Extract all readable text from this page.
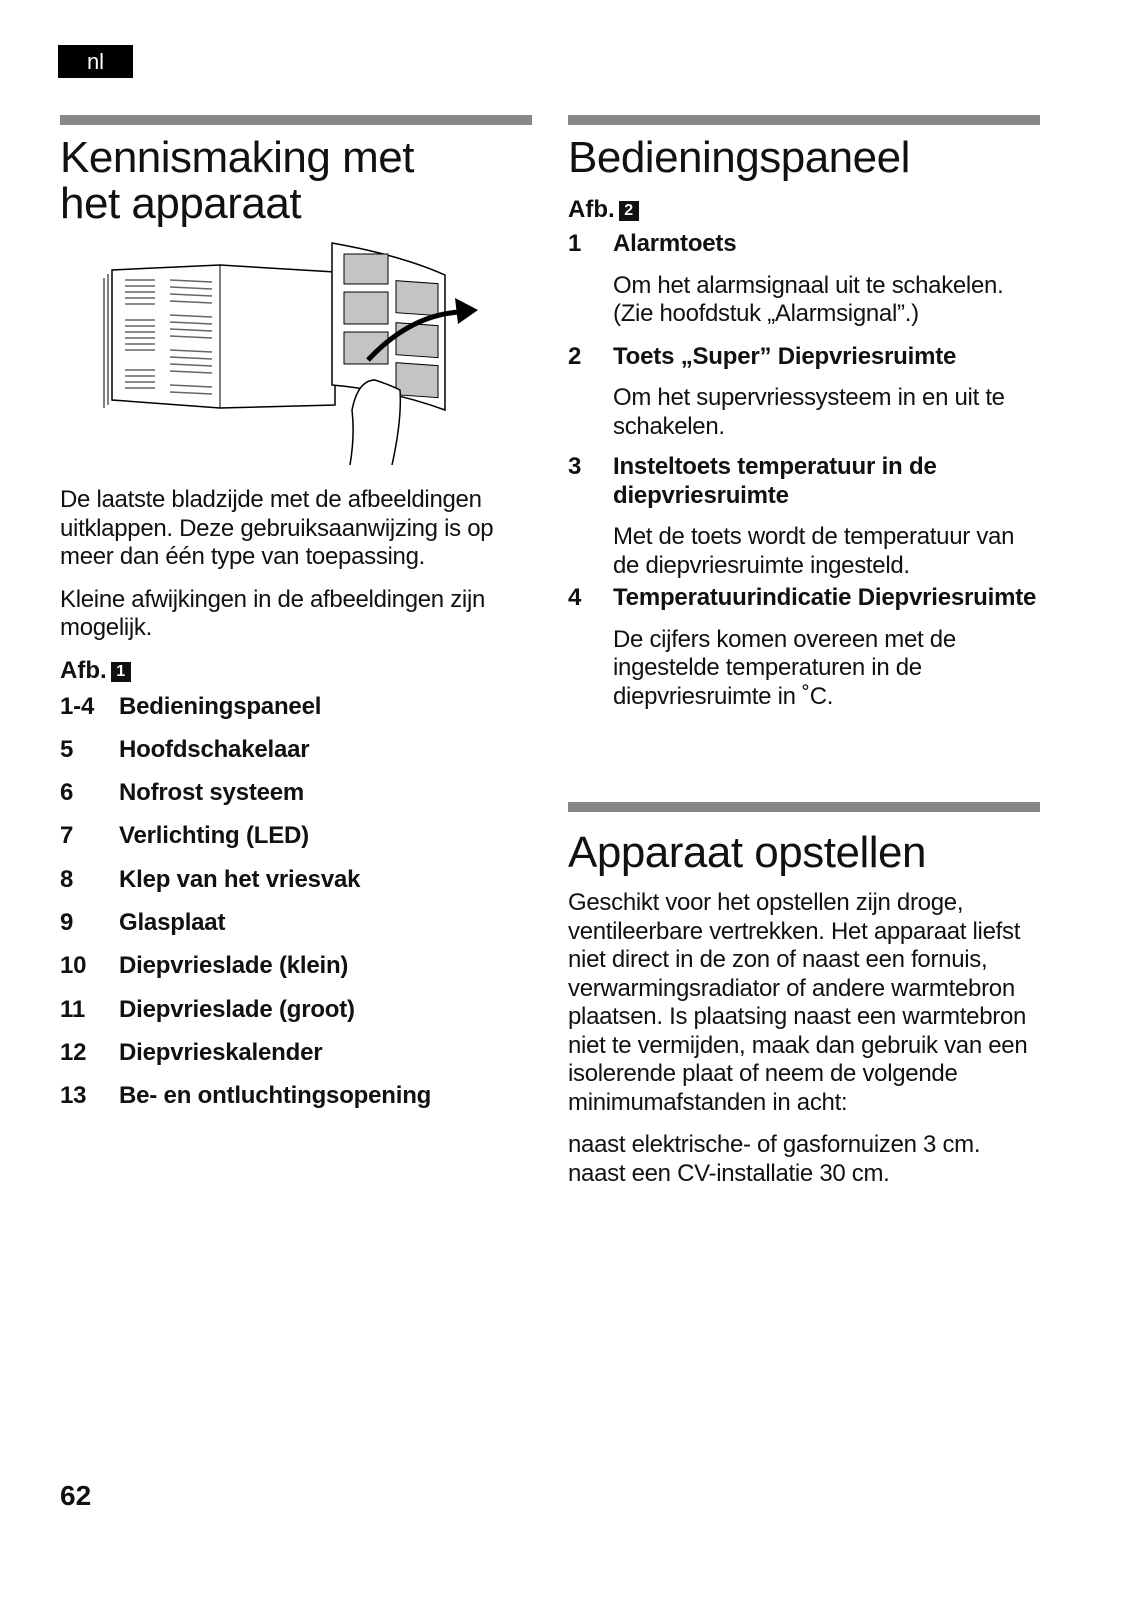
nl
Kennismaking met
het apparaat

De laatste bladzijde met de afbeeldingen uitklappen. Deze gebruiksaanwijzing is op meer dan één type van toepassing.

Kleine afwijkingen in de afbeeldingen zijn mogelijk.

Afb. 1

1-4	Bedieningspaneel
5	Hoofdschakelaar
6	Nofrost systeem
7	Verlichting (LED)
8	Klep van het vriesvak
9	Glasplaat
10	Diepvrieslade (klein)
11	Diepvrieslade (groot)
12	Diepvrieskalender
13	Be- en ontluchtingsopening
Bedieningspaneel

Afb. 2

1	Alarmtoets
Om het alarmsignaal uit te schakelen. (Zie hoofdstuk „Alarmsignal”.)
2	Toets „Super” Diepvriesruimte
Om het supervriessysteem in en uit te schakelen.
3	Insteltoets temperatuur in de diepvriesruimte
Met de toets wordt de temperatuur van de diepvriesruimte ingesteld.
4	Temperatuurindicatie Diepvriesruimte
De cijfers komen overeen met de ingestelde temperaturen in de diepvriesruimte in ˚C.
Apparaat opstellen

Geschikt voor het opstellen zijn droge, ventileerbare vertrekken. Het apparaat liefst niet direct in de zon of naast een fornuis, verwarmingsradiator of andere warmtebron plaatsen. Is plaatsing naast een warmtebron niet te vermijden, maak dan gebruik van een isolerende plaat of neem de volgende minimumafstanden in acht:

naast elektrische- of gasfornuizen 3 cm.
naast een CV-installatie 30 cm.

62
